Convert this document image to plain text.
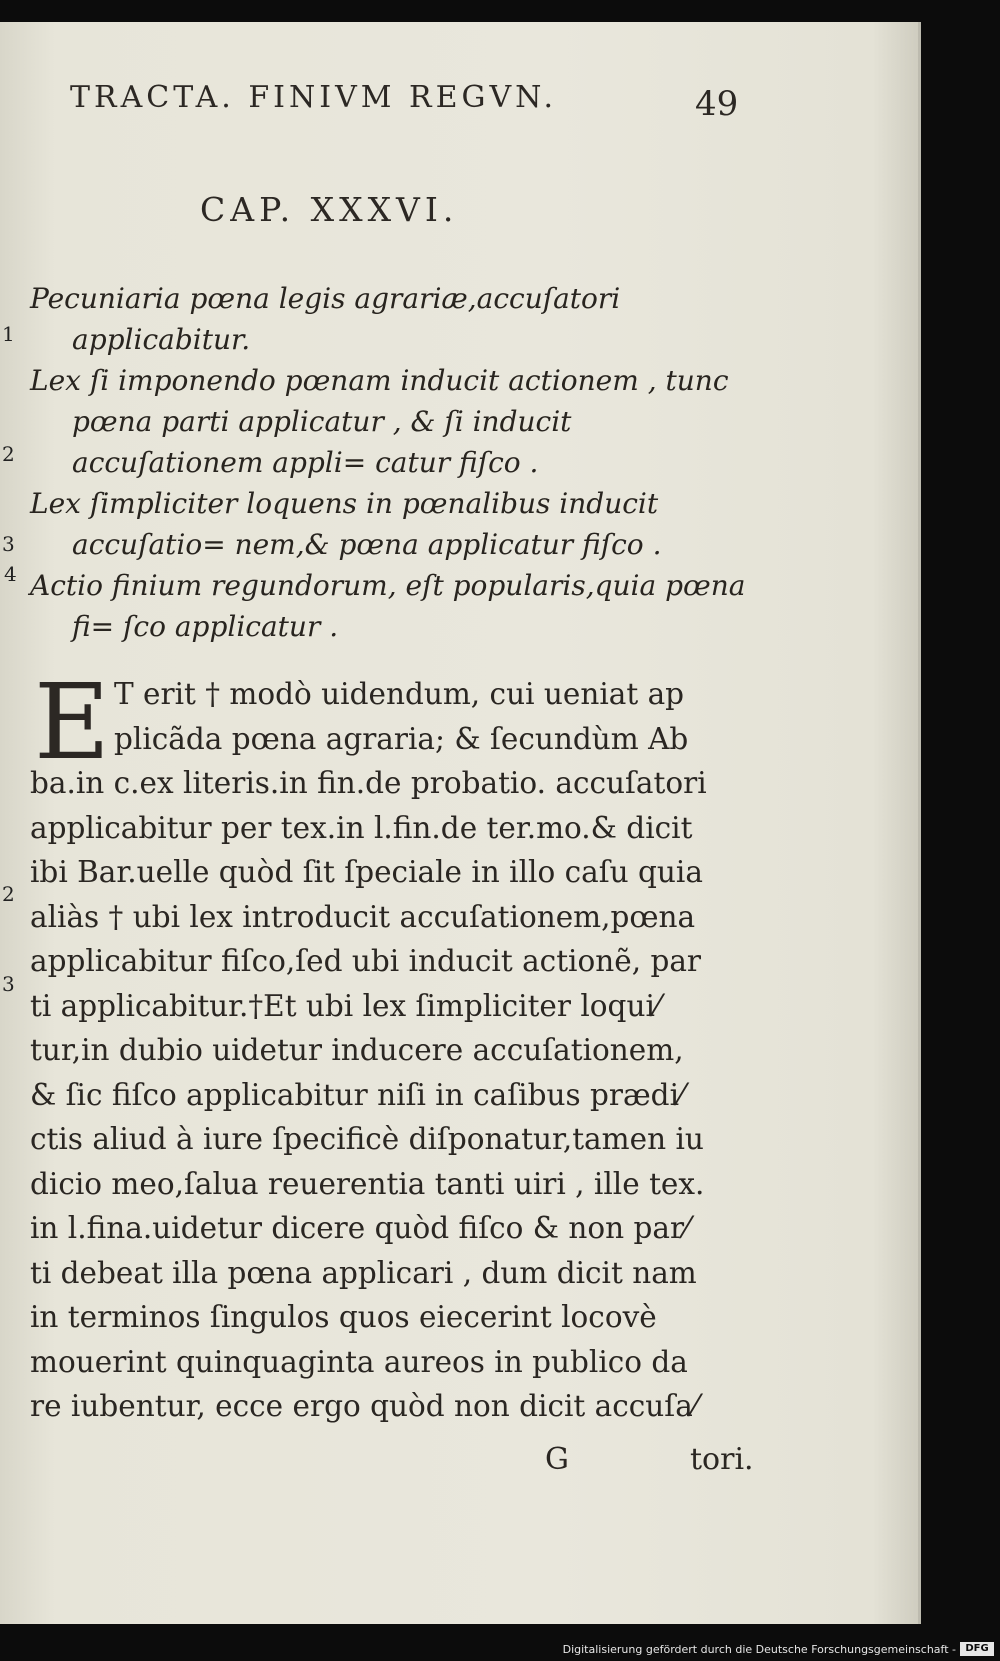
TRACTA. FINIVM REGVN.	49
CAP. XXXVI.

Pecuniaria pœna legis agrariæ,accuſatori applicabitur.

Lex ſi imponendo pœnam inducit actionem , tunc pœna parti applicatur , & ſi inducit accuſationem appli= catur fiſco .

Lex ſimpliciter loquens in pœnalibus inducit accuſatio= nem,& pœna applicatur fiſco .

Actio finium regundorum, eſt popularis,quia pœna fi= ſco applicatur .

1
2
3
2
3
4
E T erit † modò uidendum, cui ueniat ap
plicãda pœna agraria; & ſecundùm Ab
ba.in c.ex literis.in fin.de probatio. accuſatori
applicabitur per tex.in l.fin.de ter.mo.& dicit
ibi Bar.uelle quòd ſit ſpeciale in illo caſu quia
aliàs † ubi lex introducit accuſationem,pœna
applicabitur fiſco,ſed ubi inducit actionẽ, par
ti applicabitur.†Et ubi lex ſimpliciter loqui⁄
tur,in dubio uidetur inducere accuſationem,
& ſic fiſco applicabitur niſi in caſibus prædi⁄
ctis aliud à iure ſpecificè diſponatur,tamen iu
dicio meo,ſalua reuerentia tanti uiri , ille tex.
in l.fina.uidetur dicere quòd fiſco & non par⁄
ti debeat illa pœna applicari , dum dicit nam
in terminos ſingulos quos eiecerint locovè
mouerint quinquaginta aureos in publico da
re iubentur, ecce ergo quòd non dicit accuſa⁄
G	tori.
Digitalisierung gefördert durch die Deutsche Forschungsgemeinschaft - DFG
